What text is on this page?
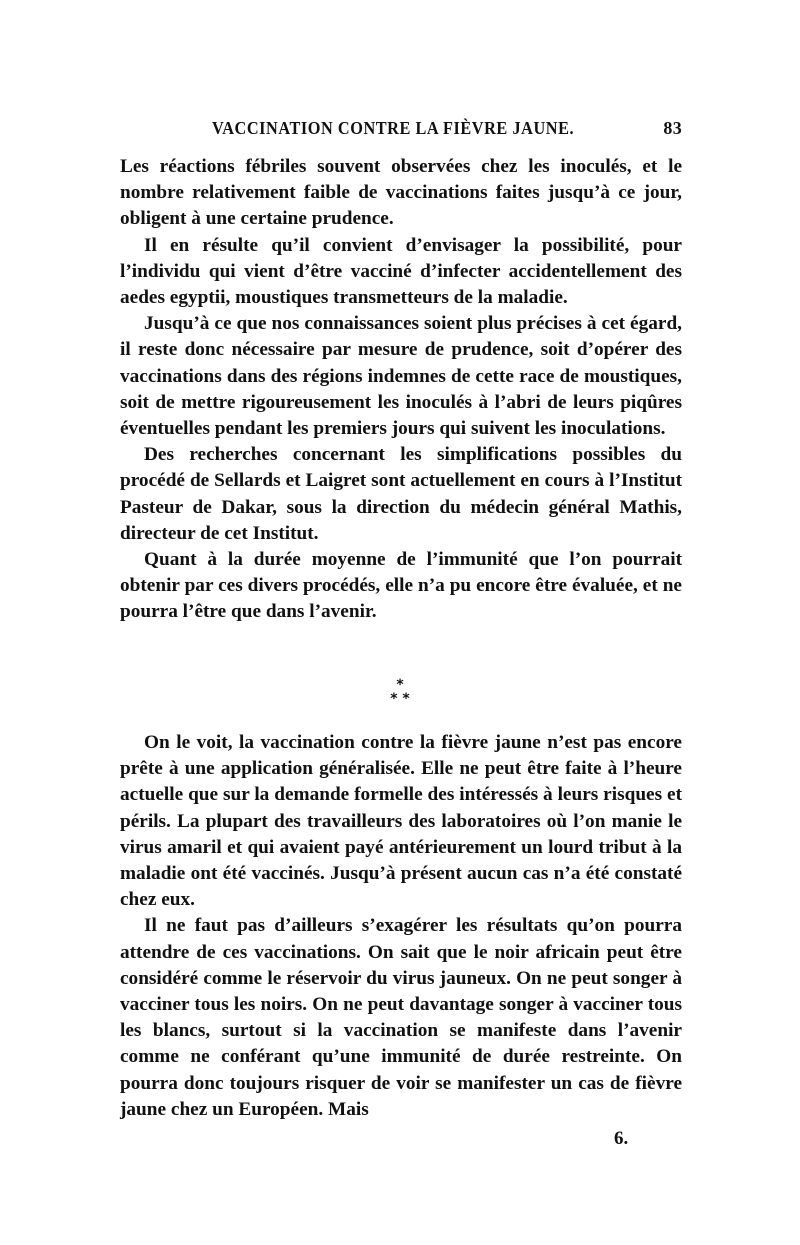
VACCINATION CONTRE LA FIÈVRE JAUNE.	83

Les réactions fébriles souvent observées chez les inoculés, et le nombre relativement faible de vaccinations faites jusqu’à ce jour, obligent à une certaine prudence.

Il en résulte qu’il convient d’envisager la possibilité, pour l’individu qui vient d’être vacciné d’infecter accidentellement des aedes egyptii, moustiques transmetteurs de la maladie.

Jusqu’à ce que nos connaissances soient plus précises à cet égard, il reste donc nécessaire par mesure de prudence, soit d’opérer des vaccinations dans des régions indemnes de cette race de moustiques, soit de mettre rigoureusement les inoculés à l’abri de leurs piqûres éventuelles pendant les premiers jours qui suivent les inoculations.

Des recherches concernant les simplifications possibles du procédé de Sellards et Laigret sont actuellement en cours à l’Institut Pasteur de Dakar, sous la direction du médecin général Mathis, directeur de cet Institut.

Quant à la durée moyenne de l’immunité que l’on pourrait obtenir par ces divers procédés, elle n’a pu encore être évaluée, et ne pourra l’être que dans l’avenir.

*
* *

On le voit, la vaccination contre la fièvre jaune n’est pas encore prête à une application généralisée. Elle ne peut être faite à l’heure actuelle que sur la demande formelle des intéressés à leurs risques et périls. La plupart des travailleurs des laboratoires où l’on manie le virus amaril et qui avaient payé antérieurement un lourd tribut à la maladie ont été vaccinés. Jusqu’à présent aucun cas n’a été constaté chez eux.

Il ne faut pas d’ailleurs s’exagérer les résultats qu’on pourra attendre de ces vaccinations. On sait que le noir africain peut être considéré comme le réservoir du virus jauneux. On ne peut songer à vacciner tous les noirs. On ne peut davantage songer à vacciner tous les blancs, surtout si la vaccination se manifeste dans l’avenir comme ne conférant qu’une immunité de durée restreinte. On pourra donc toujours risquer de voir se manifester un cas de fièvre jaune chez un Européen. Mais

6.
